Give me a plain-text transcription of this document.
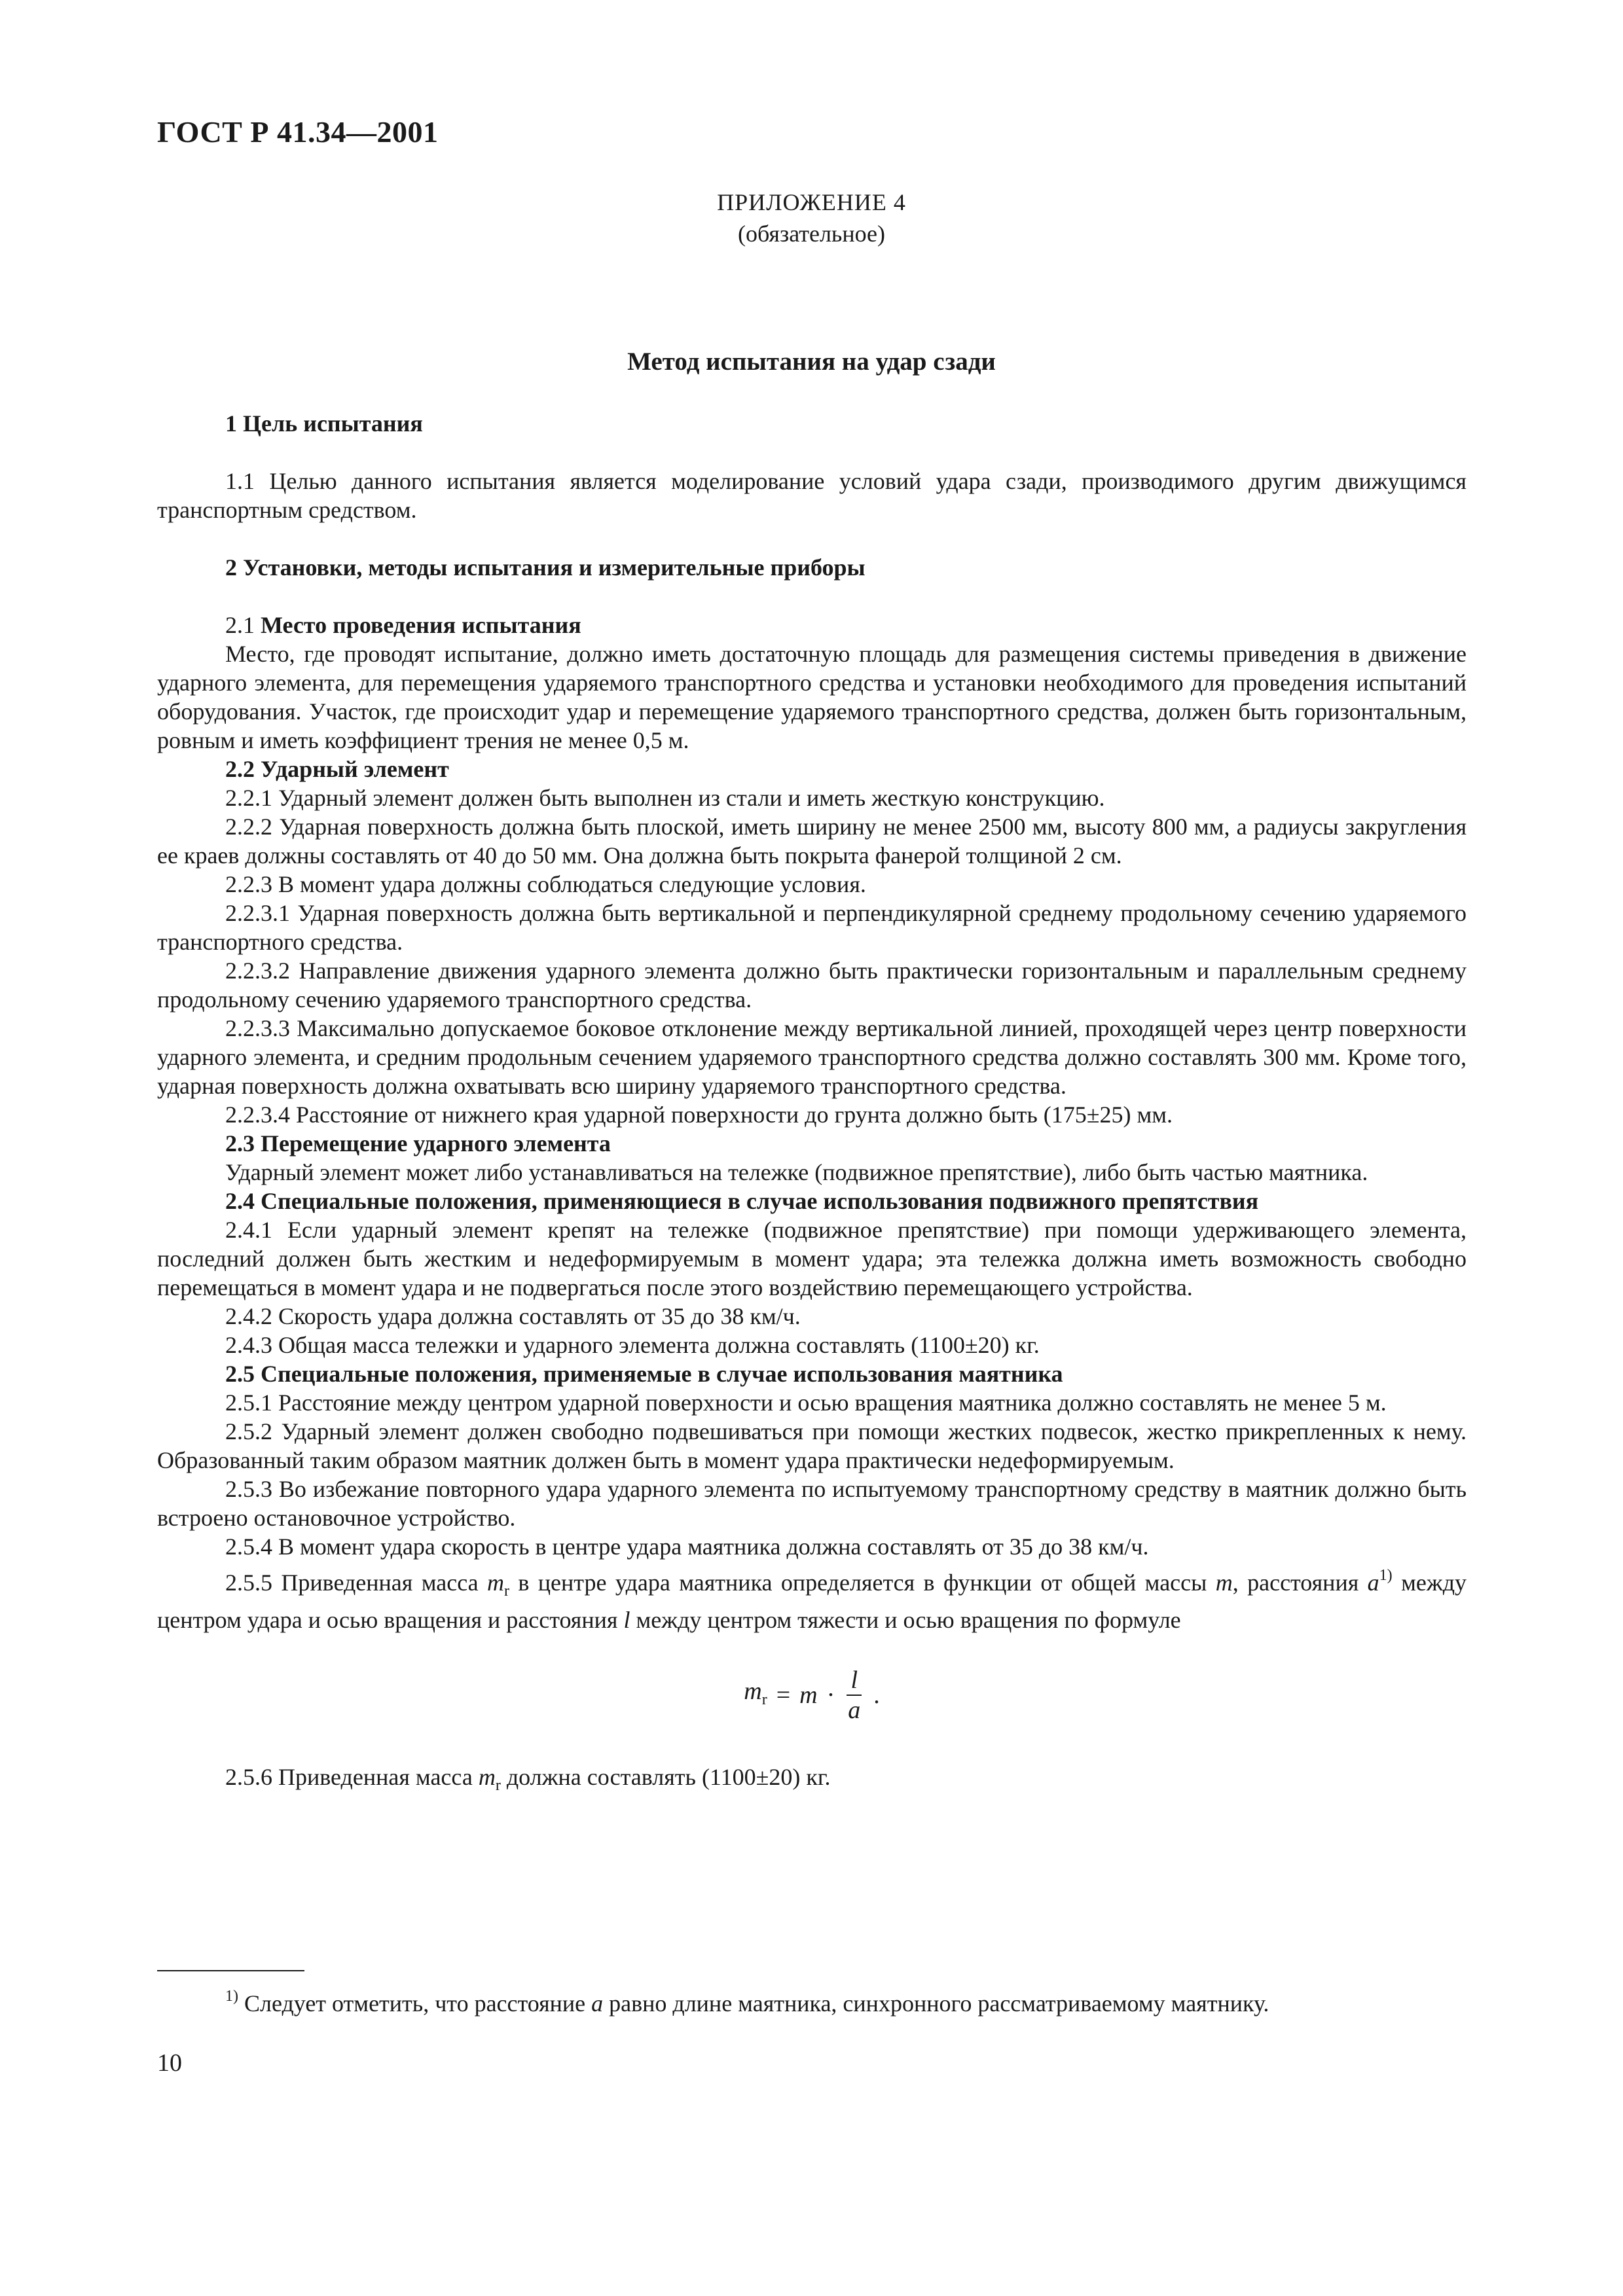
ГОСТ Р 41.34—2001
ПРИЛОЖЕНИЕ 4
(обязательное)
Метод испытания на удар сзади

1 Цель испытания

1.1 Целью данного испытания является моделирование условий удара сзади, производимого другим движущимся транспортным средством.

2 Установки, методы испытания и измерительные приборы

2.1 Место проведения испытания

Место, где проводят испытание, должно иметь достаточную площадь для размещения системы приведения в движение ударного элемента, для перемещения ударяемого транспортного средства и установки необходимого для проведения испытаний оборудования. Участок, где происходит удар и перемещение ударяемого транспортного средства, должен быть горизонтальным, ровным и иметь коэффициент трения не менее 0,5 м.

2.2 Ударный элемент

2.2.1 Ударный элемент должен быть выполнен из стали и иметь жесткую конструкцию.

2.2.2 Ударная поверхность должна быть плоской, иметь ширину не менее 2500 мм, высоту 800 мм, а радиусы закругления ее краев должны составлять от 40 до 50 мм. Она должна быть покрыта фанерой толщиной 2 см.

2.2.3 В момент удара должны соблюдаться следующие условия.

2.2.3.1 Ударная поверхность должна быть вертикальной и перпендикулярной среднему продольному сечению ударяемого транспортного средства.

2.2.3.2 Направление движения ударного элемента должно быть практически горизонтальным и параллельным среднему продольному сечению ударяемого транспортного средства.

2.2.3.3 Максимально допускаемое боковое отклонение между вертикальной линией, проходящей через центр поверхности ударного элемента, и средним продольным сечением ударяемого транспортного средства должно составлять 300 мм. Кроме того, ударная поверхность должна охватывать всю ширину ударяемого транспортного средства.

2.2.3.4 Расстояние от нижнего края ударной поверхности до грунта должно быть (175±25) мм.

2.3 Перемещение ударного элемента

Ударный элемент может либо устанавливаться на тележке (подвижное препятствие), либо быть частью маятника.

2.4 Специальные положения, применяющиеся в случае использования подвижного препятствия

2.4.1 Если ударный элемент крепят на тележке (подвижное препятствие) при помощи удерживающего элемента, последний должен быть жестким и недеформируемым в момент удара; эта тележка должна иметь возможность свободно перемещаться в момент удара и не подвергаться после этого воздействию перемещающего устройства.

2.4.2 Скорость удара должна составлять от 35 до 38 км/ч.

2.4.3 Общая масса тележки и ударного элемента должна составлять (1100±20) кг.

2.5 Специальные положения, применяемые в случае использования маятника

2.5.1 Расстояние между центром ударной поверхности и осью вращения маятника должно составлять не менее 5 м.

2.5.2 Ударный элемент должен свободно подвешиваться при помощи жестких подвесок, жестко прикрепленных к нему. Образованный таким образом маятник должен быть в момент удара практически недеформируемым.

2.5.3 Во избежание повторного удара ударного элемента по испытуемому транспортному средству в маятник должно быть встроено остановочное устройство.

2.5.4 В момент удара скорость в центре удара маятника должна составлять от 35 до 38 км/ч.

2.5.5 Приведенная масса $m_r$ в центре удара маятника определяется в функции от общей массы m, расстояния $a^{1)}$ между центром удара и осью вращения и расстояния l между центром тяжести и осью вращения по формуле

$m_r = m \cdot \frac{l}{a}$ .

2.5.6 Приведенная масса $m_r$ должна составлять (1100±20) кг.

$^{1)}$ Следует отметить, что расстояние a равно длине маятника, синхронного рассматриваемому маятнику.
10
